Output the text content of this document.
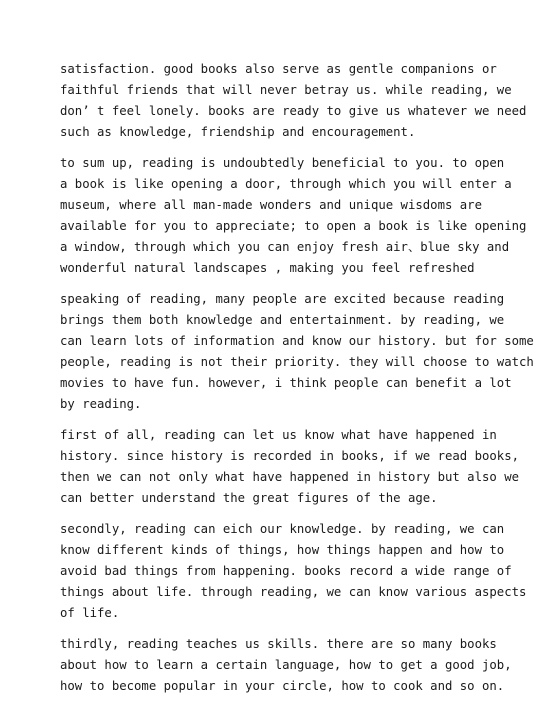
satisfaction. good books also serve as gentle companions or
faithful friends that will never betray us. while reading, we
don’ t feel lonely. books are ready to give us whatever we need
such as knowledge, friendship and encouragement.
to sum up, reading is undoubtedly beneficial to you. to open
a book is like opening a door, through which you will enter a
museum, where all man-made wonders and unique wisdoms are
available for you to appreciate; to open a book is like opening
a window, through which you can enjoy fresh air、blue sky and
wonderful natural landscapes , making you feel refreshed
speaking of reading, many people are excited because reading
brings them both knowledge and entertainment. by reading, we
can learn lots of information and know our history. but for some
people, reading is not their priority. they will choose to watch
movies to have fun. however, i think people can benefit a lot
by reading.
first of all, reading can let us know what have happened in
history. since history is recorded in books, if we read books,
then we can not only what have happened in history but also we
can better understand the great figures of the age.
secondly, reading can eich our knowledge. by reading, we can
know different kinds of things, how things happen and how to
avoid bad things from happening. books record a wide range of
things about life. through reading, we can know various aspects
of life.
thirdly, reading teaches us skills. there are so many books
about how to learn a certain language, how to get a good job,
how to become popular in your circle, how to cook and so on.
